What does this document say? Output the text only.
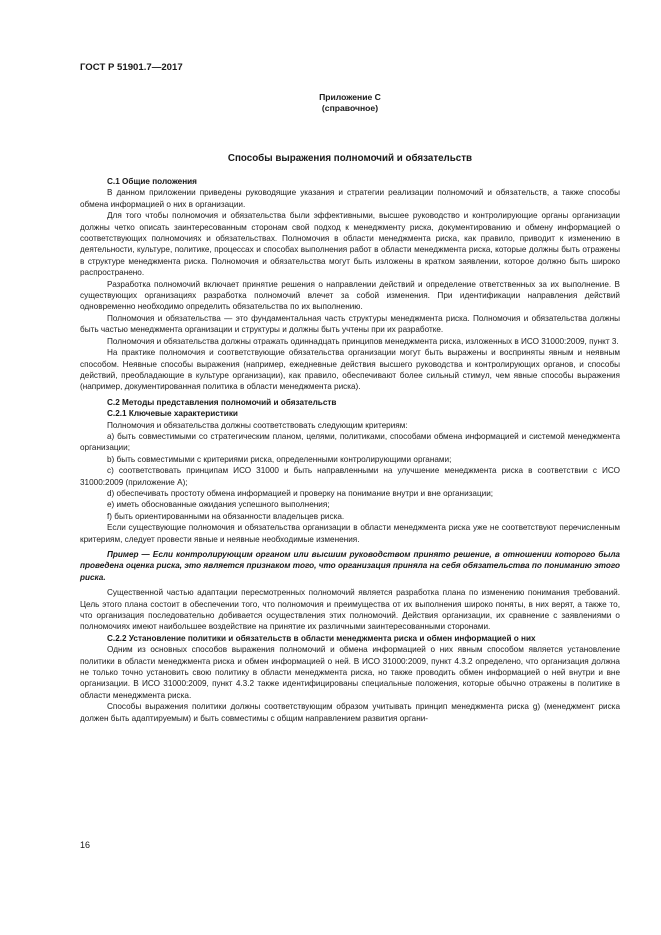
ГОСТ Р 51901.7—2017
Приложение С
(справочное)
Способы выражения полномочий и обязательств

С.1 Общие положения

В данном приложении приведены руководящие указания и стратегии реализации полномочий и обязательств, а также способы обмена информацией о них в организации.

Для того чтобы полномочия и обязательства были эффективными, высшее руководство и контролирующие органы организации должны четко описать заинтересованным сторонам свой подход к менеджменту риска, документированию и обмену информацией о соответствующих полномочиях и обязательствах. Полномочия в области менеджмента риска, как правило, приводит к изменению в деятельности, культуре, политике, процессах и способах выполнения работ в области менеджмента риска, которые должны быть отражены в структуре менеджмента риска. Полномочия и обязательства могут быть изложены в кратком заявлении, которое должно быть широко распространено.

Разработка полномочий включает принятие решения о направлении действий и определение ответственных за их выполнение. В существующих организациях разработка полномочий влечет за собой изменения. При идентификации направления действий одновременно необходимо определить обязательства по их выполнению.

Полномочия и обязательства — это фундаментальная часть структуры менеджмента риска. Полномочия и обязательства должны быть частью менеджмента организации и структуры и должны быть учтены при их разработке.

Полномочия и обязательства должны отражать одиннадцать принципов менеджмента риска, изложенных в ИСО 31000:2009, пункт 3.

На практике полномочия и соответствующие обязательства организации могут быть выражены и восприняты явным и неявным способом. Неявные способы выражения (например, ежедневные действия высшего руководства и контролирующих органов, и способы действий, преобладающие в культуре организации), как правило, обеспечивают более сильный стимул, чем явные способы выражения (например, документированная политика в области менеджмента риска).

С.2 Методы представления полномочий и обязательств

С.2.1 Ключевые характеристики

Полномочия и обязательства должны соответствовать следующим критериям:

а) быть совместимыми со стратегическим планом, целями, политиками, способами обмена информацией и системой менеджмента организации;

b) быть совместимыми с критериями риска, определенными контролирующими органами;

c) соответствовать принципам ИСО 31000 и быть направленными на улучшение менеджмента риска в соответствии с ИСО 31000:2009 (приложение А);

d) обеспечивать простоту обмена информацией и проверку на понимание внутри и вне организации;

e) иметь обоснованные ожидания успешного выполнения;

f) быть ориентированными на обязанности владельцев риска.

Если существующие полномочия и обязательства организации в области менеджмента риска уже не соответствуют перечисленным критериям, следует провести явные и неявные необходимые изменения.

Пример — Если контролирующим органом или высшим руководством принято решение, в отношении которого была проведена оценка риска, это является признаком того, что организация приняла на себя обязательства по пониманию этого риска.

Существенной частью адаптации пересмотренных полномочий является разработка плана по изменению понимания требований. Цель этого плана состоит в обеспечении того, что полномочия и преимущества от их выполнения широко поняты, в них верят, а также то, что организация последовательно добивается осуществления этих полномочий. Действия организации, их сравнение с заявлениями о полномочиях имеют наибольшее воздействие на принятие их различными заинтересованными сторонами.

С.2.2 Установление политики и обязательств в области менеджмента риска и обмен информацией о них

Одним из основных способов выражения полномочий и обмена информацией о них явным способом является установление политики в области менеджмента риска и обмен информацией о ней. В ИСО 31000:2009, пункт 4.3.2 определено, что организация должна не только точно установить свою политику в области менеджмента риска, но также проводить обмен информацией о ней внутри и вне организации. В ИСО 31000:2009, пункт 4.3.2 также идентифицированы специальные положения, которые обычно отражены в политике в области менеджмента риска.

Способы выражения политики должны соответствующим образом учитывать принцип менеджмента риска g) (менеджмент риска должен быть адаптируемым) и быть совместимы с общим направлением развития органи-

16
